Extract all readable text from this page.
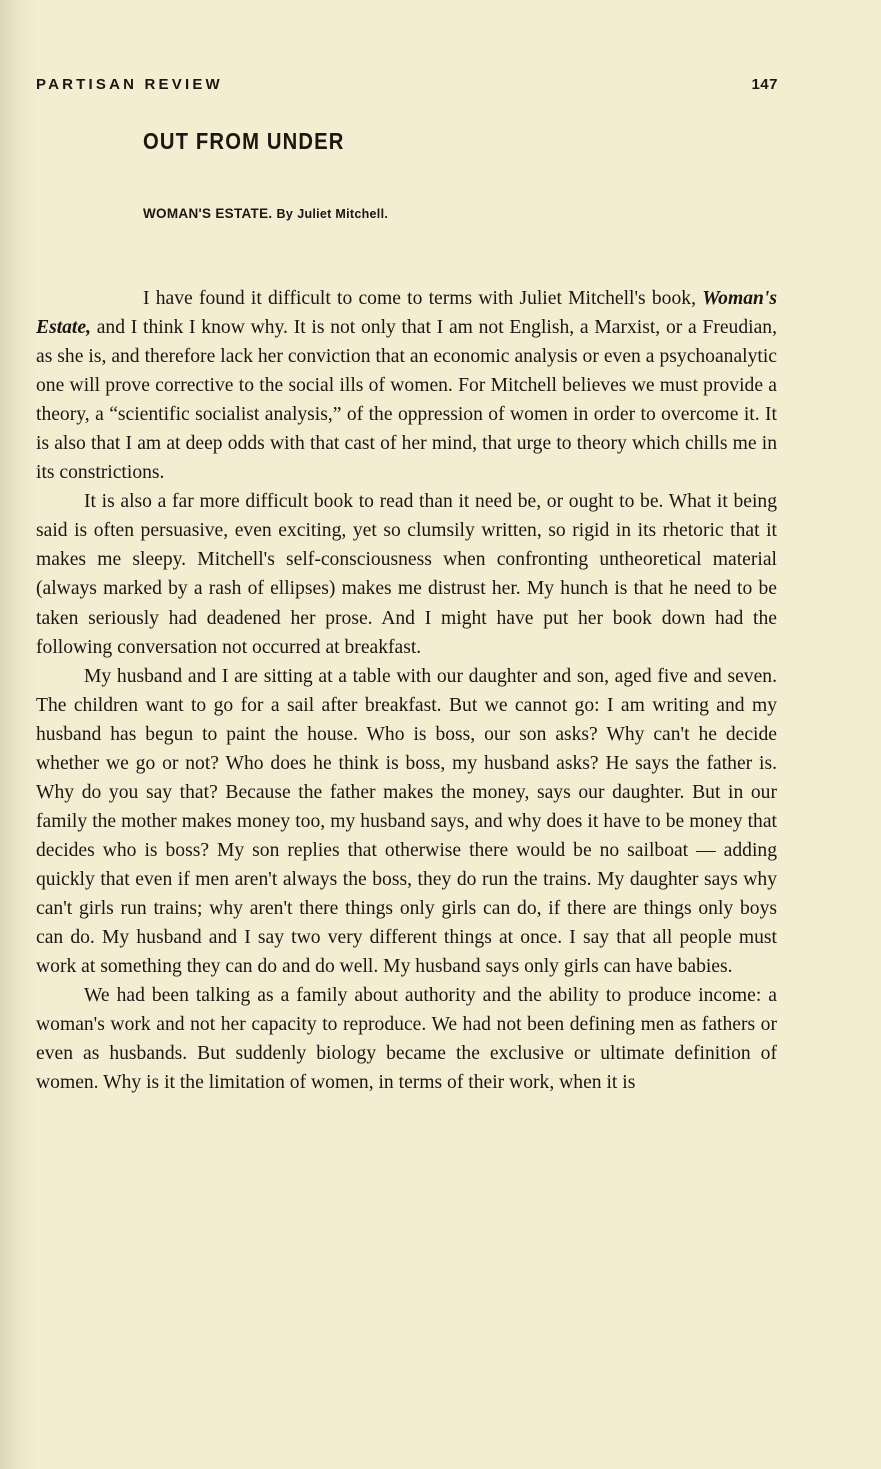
PARTISAN REVIEW	147
OUT FROM UNDER
WOMAN'S ESTATE. By Juliet Mitchell.

I have found it difficult to come to terms with Juliet Mitchell's book, Woman's Estate, and I think I know why. It is not only that I am not English, a Marxist, or a Freudian, as she is, and therefore lack her conviction that an economic analysis or even a psychoanalytic one will prove corrective to the social ills of women. For Mitchell believes we must provide a theory, a “scientific socialist analysis,” of the oppression of women in order to overcome it. It is also that I am at deep odds with that cast of her mind, that urge to theory which chills me in its constrictions.

It is also a far more difficult book to read than it need be, or ought to be. What it being said is often persuasive, even exciting, yet so clumsily written, so rigid in its rhetoric that it makes me sleepy. Mitchell's self-consciousness when confronting untheoretical material (always marked by a rash of ellipses) makes me distrust her. My hunch is that he need to be taken seriously had deadened her prose. And I might have put her book down had the following conversation not occurred at breakfast.

My husband and I are sitting at a table with our daughter and son, aged five and seven. The children want to go for a sail after breakfast. But we cannot go: I am writing and my husband has begun to paint the house. Who is boss, our son asks? Why can't he decide whether we go or not? Who does he think is boss, my husband asks? He says the father is. Why do you say that? Because the father makes the money, says our daughter. But in our family the mother makes money too, my husband says, and why does it have to be money that decides who is boss? My son replies that otherwise there would be no sailboat — adding quickly that even if men aren't always the boss, they do run the trains. My daughter says why can't girls run trains; why aren't there things only girls can do, if there are things only boys can do. My husband and I say two very different things at once. I say that all people must work at something they can do and do well. My husband says only girls can have babies.

We had been talking as a family about authority and the ability to produce income: a woman's work and not her capacity to reproduce. We had not been defining men as fathers or even as husbands. But suddenly biology became the exclusive or ultimate definition of women. Why is it the limitation of women, in terms of their work, when it is
